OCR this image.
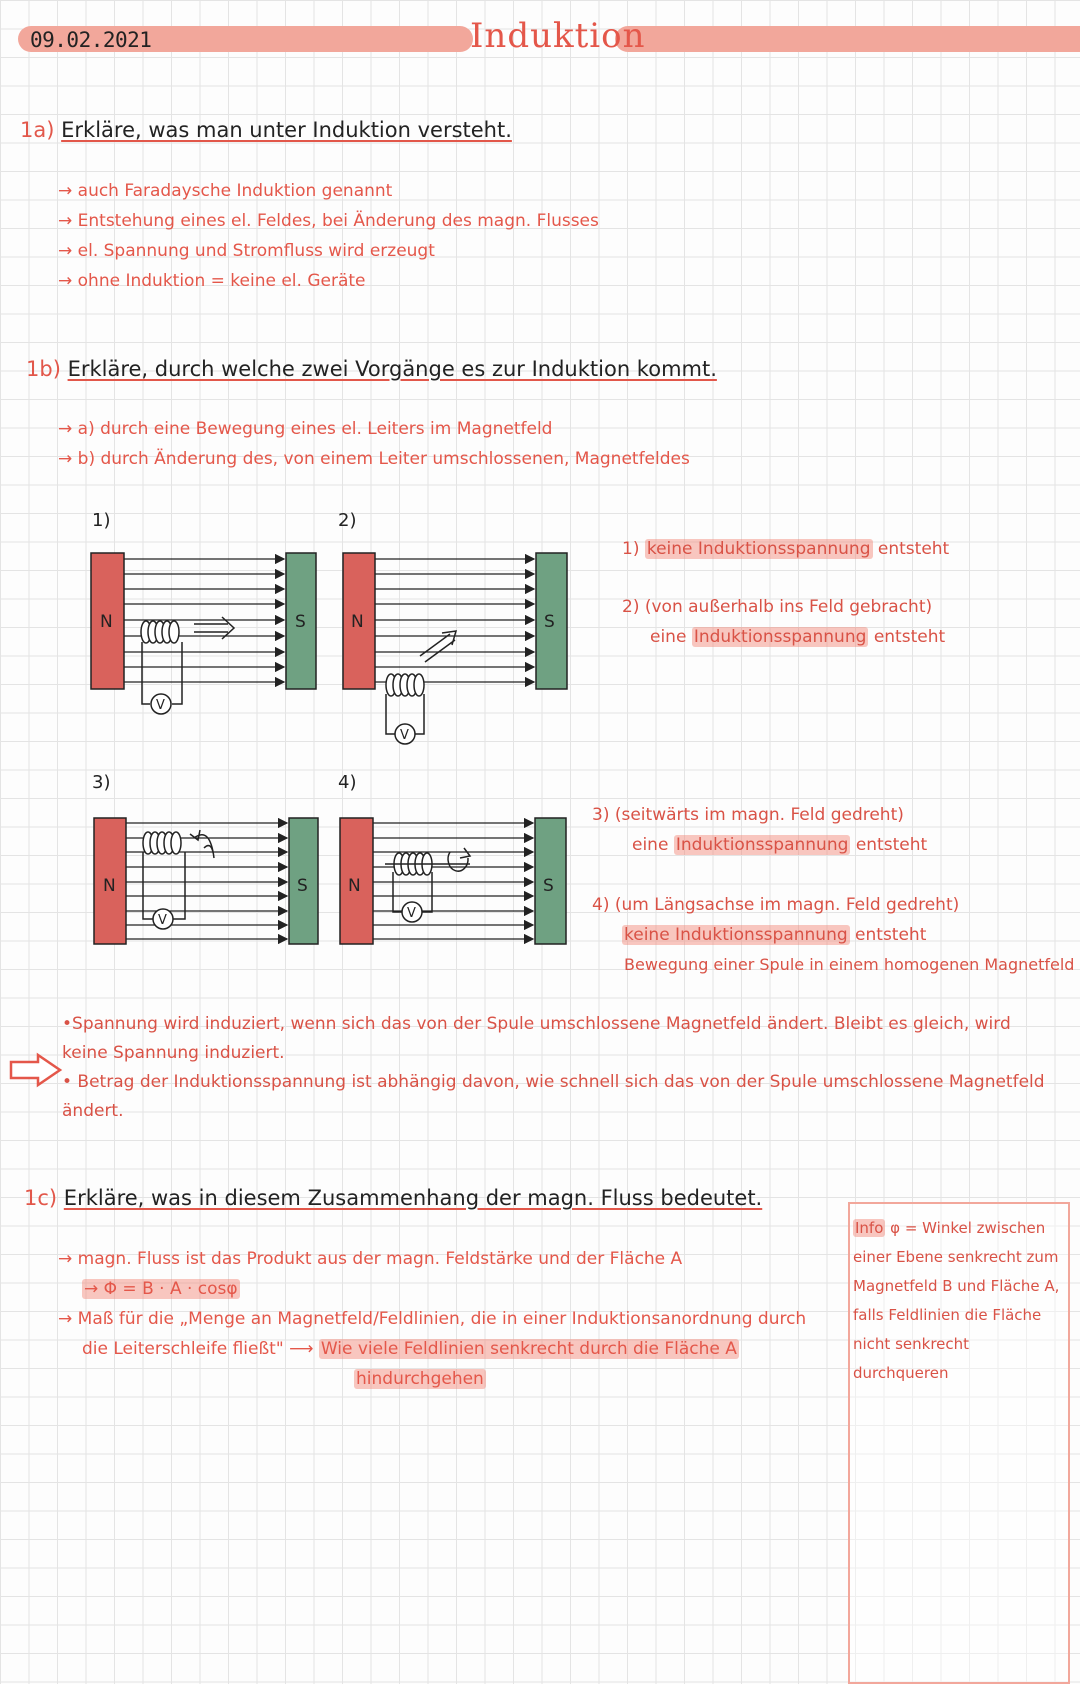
09.02.2021	Induktion
1a) Erkläre, was man unter Induktion versteht.
→ auch Faradaysche Induktion genannt
→ Entstehung eines el. Feldes, bei Änderung des magn. Flusses
→ el. Spannung und Stromfluss wird erzeugt
→ ohne Induktion = keine el. Geräte
1b) Erkläre, durch welche zwei Vorgänge es zur Induktion kommt.
→ a) durch eine Bewegung eines el. Leiters im Magnetfeld
→ b) durch Änderung des, von einem Leiter umschlossenen, Magnetfeldes
1)	2)
3)	4)
V
N	S
V
N	S
V
N	S
V
N	S
1) keine Induktionsspannung entsteht
2) (von außerhalb ins Feld gebracht)
eine Induktionsspannung entsteht
3) (seitwärts im magn. Feld gedreht)
eine Induktionsspannung entsteht
4) (um Längsachse im magn. Feld gedreht)
keine Induktionsspannung entsteht
Bewegung einer Spule in einem homogenen Magnetfeld
•Spannung wird induziert, wenn sich das von der Spule umschlossene Magnetfeld ändert. Bleibt es gleich, wird keine Spannung induziert.
• Betrag der Induktionsspannung ist abhängig davon, wie schnell sich das von der Spule umschlossene Magnetfeld ändert.
1c) Erkläre, was in diesem Zusammenhang der magn. Fluss bedeutet.
→ magn. Fluss ist das Produkt aus der magn. Feldstärke und der Fläche A
→ Φ = B · A · cosφ
→ Maß für die „Menge an Magnetfeld/Feldlinien, die in einer Induktionsanordnung durch
die Leiterschleife fließt" ⟶ Wie viele Feldlinien senkrecht durch die Fläche A
hindurchgehen
Info φ = Winkel zwischen einer Ebene senkrecht zum Magnetfeld B und Fläche A, falls Feldlinien die Fläche nicht senkrecht durchqueren
